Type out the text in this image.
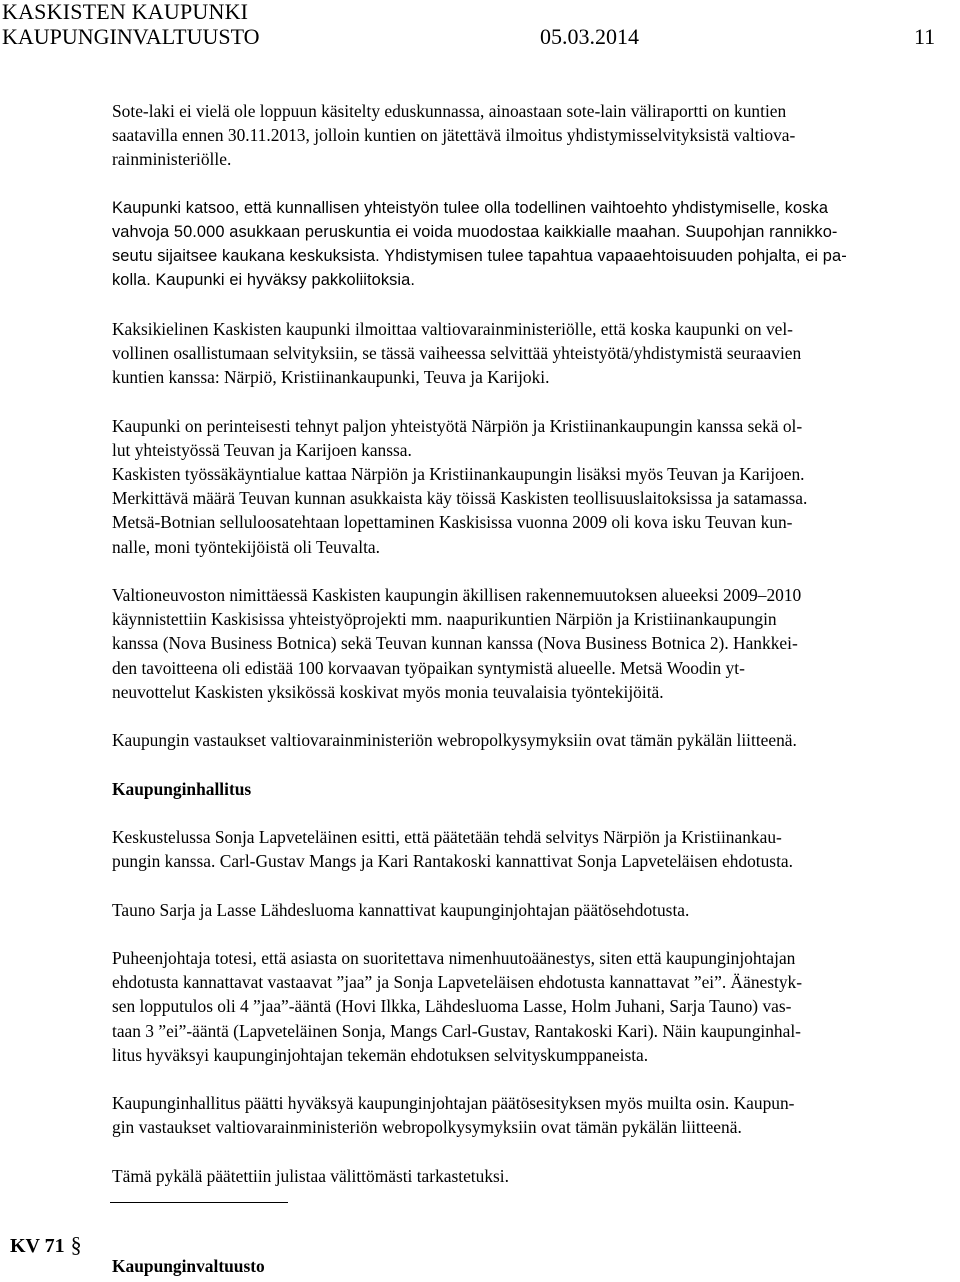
KASKISTEN KAUPUNKI
KAUPUNGINVALTUUSTO	05.03.2014	11
Sote-laki ei vielä ole loppuun käsitelty eduskunnassa, ainoastaan sote-lain väliraportti on kuntien
saatavilla ennen 30.11.2013, jolloin kuntien on jätettävä ilmoitus yhdistymisselvityksistä valtiova-
rainministeriölle.
Kaupunki katsoo, että kunnallisen yhteistyön tulee olla todellinen vaihtoehto yhdistymiselle, koska
vahvoja 50.000 asukkaan peruskuntia ei voida muodostaa kaikkialle maahan. Suupohjan rannikko-
seutu sijaitsee kaukana keskuksista. Yhdistymisen tulee tapahtua vapaaehtoisuuden pohjalta, ei pa-
kolla. Kaupunki ei hyväksy pakkoliitoksia.
Kaksikielinen Kaskisten kaupunki ilmoittaa valtiovarainministeriölle, että koska kaupunki on vel-
vollinen osallistumaan selvityksiin, se tässä vaiheessa selvittää yhteistyötä/yhdistymistä seuraavien
kuntien kanssa: Närpiö, Kristiinankaupunki, Teuva ja Karijoki.
Kaupunki on perinteisesti tehnyt paljon yhteistyötä Närpiön ja Kristiinankaupungin kanssa sekä ol-
lut yhteistyössä Teuvan ja Karijoen kanssa.
Kaskisten työssäkäyntialue kattaa Närpiön ja Kristiinankaupungin lisäksi myös Teuvan ja Karijoen.
Merkittävä määrä Teuvan kunnan asukkaista käy töissä Kaskisten teollisuuslaitoksissa ja satamassa.
Metsä-Botnian selluloosatehtaan lopettaminen Kaskisissa vuonna 2009 oli kova isku Teuvan kun-
nalle, moni työntekijöistä oli Teuvalta.
Valtioneuvoston nimittäessä Kaskisten kaupungin äkillisen rakennemuutoksen alueeksi 2009–2010
käynnistettiin Kaskisissa yhteistyöprojekti mm. naapurikuntien Närpiön ja Kristiinankaupungin
kanssa (Nova Business Botnica) sekä Teuvan kunnan kanssa (Nova Business Botnica 2). Hankkei-
den tavoitteena oli edistää 100 korvaavan työpaikan syntymistä alueelle. Metsä Woodin yt-
neuvottelut Kaskisten yksikössä koskivat myös monia teuvalaisia työntekijöitä.
Kaupungin vastaukset valtiovarainministeriön webropolkysymyksiin ovat tämän pykälän liitteenä.
Kaupunginhallitus
Keskustelussa Sonja Lapveteläinen esitti, että päätetään tehdä selvitys Närpiön ja Kristiinankau-
pungin kanssa. Carl-Gustav Mangs ja Kari Rantakoski kannattivat Sonja Lapveteläisen ehdotusta.
Tauno Sarja ja Lasse Lähdesluoma kannattivat kaupunginjohtajan päätösehdotusta.
Puheenjohtaja totesi, että asiasta on suoritettava nimenhuutoäänestys, siten että kaupunginjohtajan
ehdotusta kannattavat vastaavat ”jaa” ja Sonja Lapveteläisen ehdotusta kannattavat ”ei”. Äänestyk-
sen lopputulos oli 4 ”jaa”-ääntä (Hovi Ilkka, Lähdesluoma Lasse, Holm Juhani, Sarja Tauno) vas-
taan 3 ”ei”-ääntä (Lapveteläinen Sonja, Mangs Carl-Gustav, Rantakoski Kari). Näin kaupunginhal-
litus hyväksyi kaupunginjohtajan tekemän ehdotuksen selvityskumppaneista.
Kaupunginhallitus päätti hyväksyä kaupunginjohtajan päätösesityksen myös muilta osin. Kaupun-
gin vastaukset valtiovarainministeriön webropolkysymyksiin ovat tämän pykälän liitteenä.
Tämä pykälä päätettiin julistaa välittömästi tarkastetuksi.
KV 71 §
Kaupunginvaltuusto
